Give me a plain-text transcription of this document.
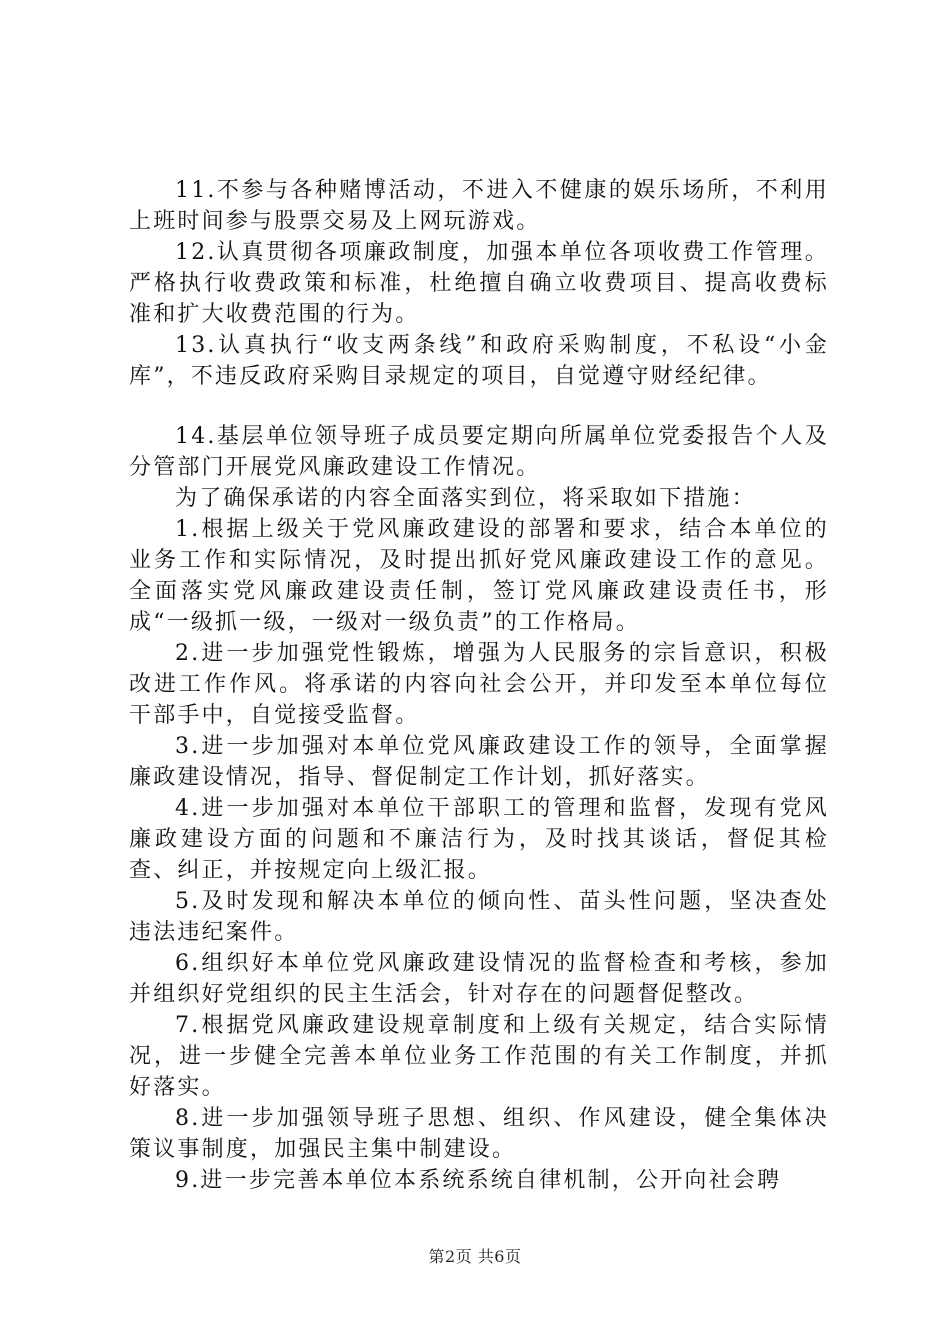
11.不参与各种赌博活动，不进入不健康的娱乐场所，不利用上班时间参与股票交易及上网玩游戏。

12.认真贯彻各项廉政制度，加强本单位各项收费工作管理。严格执行收费政策和标准，杜绝擅自确立收费项目、提高收费标准和扩大收费范围的行为。

13.认真执行“收支两条线”和政府采购制度，不私设“小金库”，不违反政府采购目录规定的项目，自觉遵守财经纪律。

14.基层单位领导班子成员要定期向所属单位党委报告个人及分管部门开展党风廉政建设工作情况。

为了确保承诺的内容全面落实到位，将采取如下措施：

1.根据上级关于党风廉政建设的部署和要求，结合本单位的业务工作和实际情况，及时提出抓好党风廉政建设工作的意见。全面落实党风廉政建设责任制，签订党风廉政建设责任书，形成“一级抓一级，一级对一级负责”的工作格局。

2.进一步加强党性锻炼，增强为人民服务的宗旨意识，积极改进工作作风。将承诺的内容向社会公开，并印发至本单位每位干部手中，自觉接受监督。

3.进一步加强对本单位党风廉政建设工作的领导，全面掌握廉政建设情况，指导、督促制定工作计划，抓好落实。

4.进一步加强对本单位干部职工的管理和监督，发现有党风廉政建设方面的问题和不廉洁行为，及时找其谈话，督促其检查、纠正，并按规定向上级汇报。

5.及时发现和解决本单位的倾向性、苗头性问题，坚决查处违法违纪案件。

6.组织好本单位党风廉政建设情况的监督检查和考核，参加并组织好党组织的民主生活会，针对存在的问题督促整改。

7.根据党风廉政建设规章制度和上级有关规定，结合实际情况，进一步健全完善本单位业务工作范围的有关工作制度，并抓好落实。

8.进一步加强领导班子思想、组织、作风建设，健全集体决策议事制度，加强民主集中制建设。

9.进一步完善本单位本系统系统自律机制，公开向社会聘

第2页 共6页
